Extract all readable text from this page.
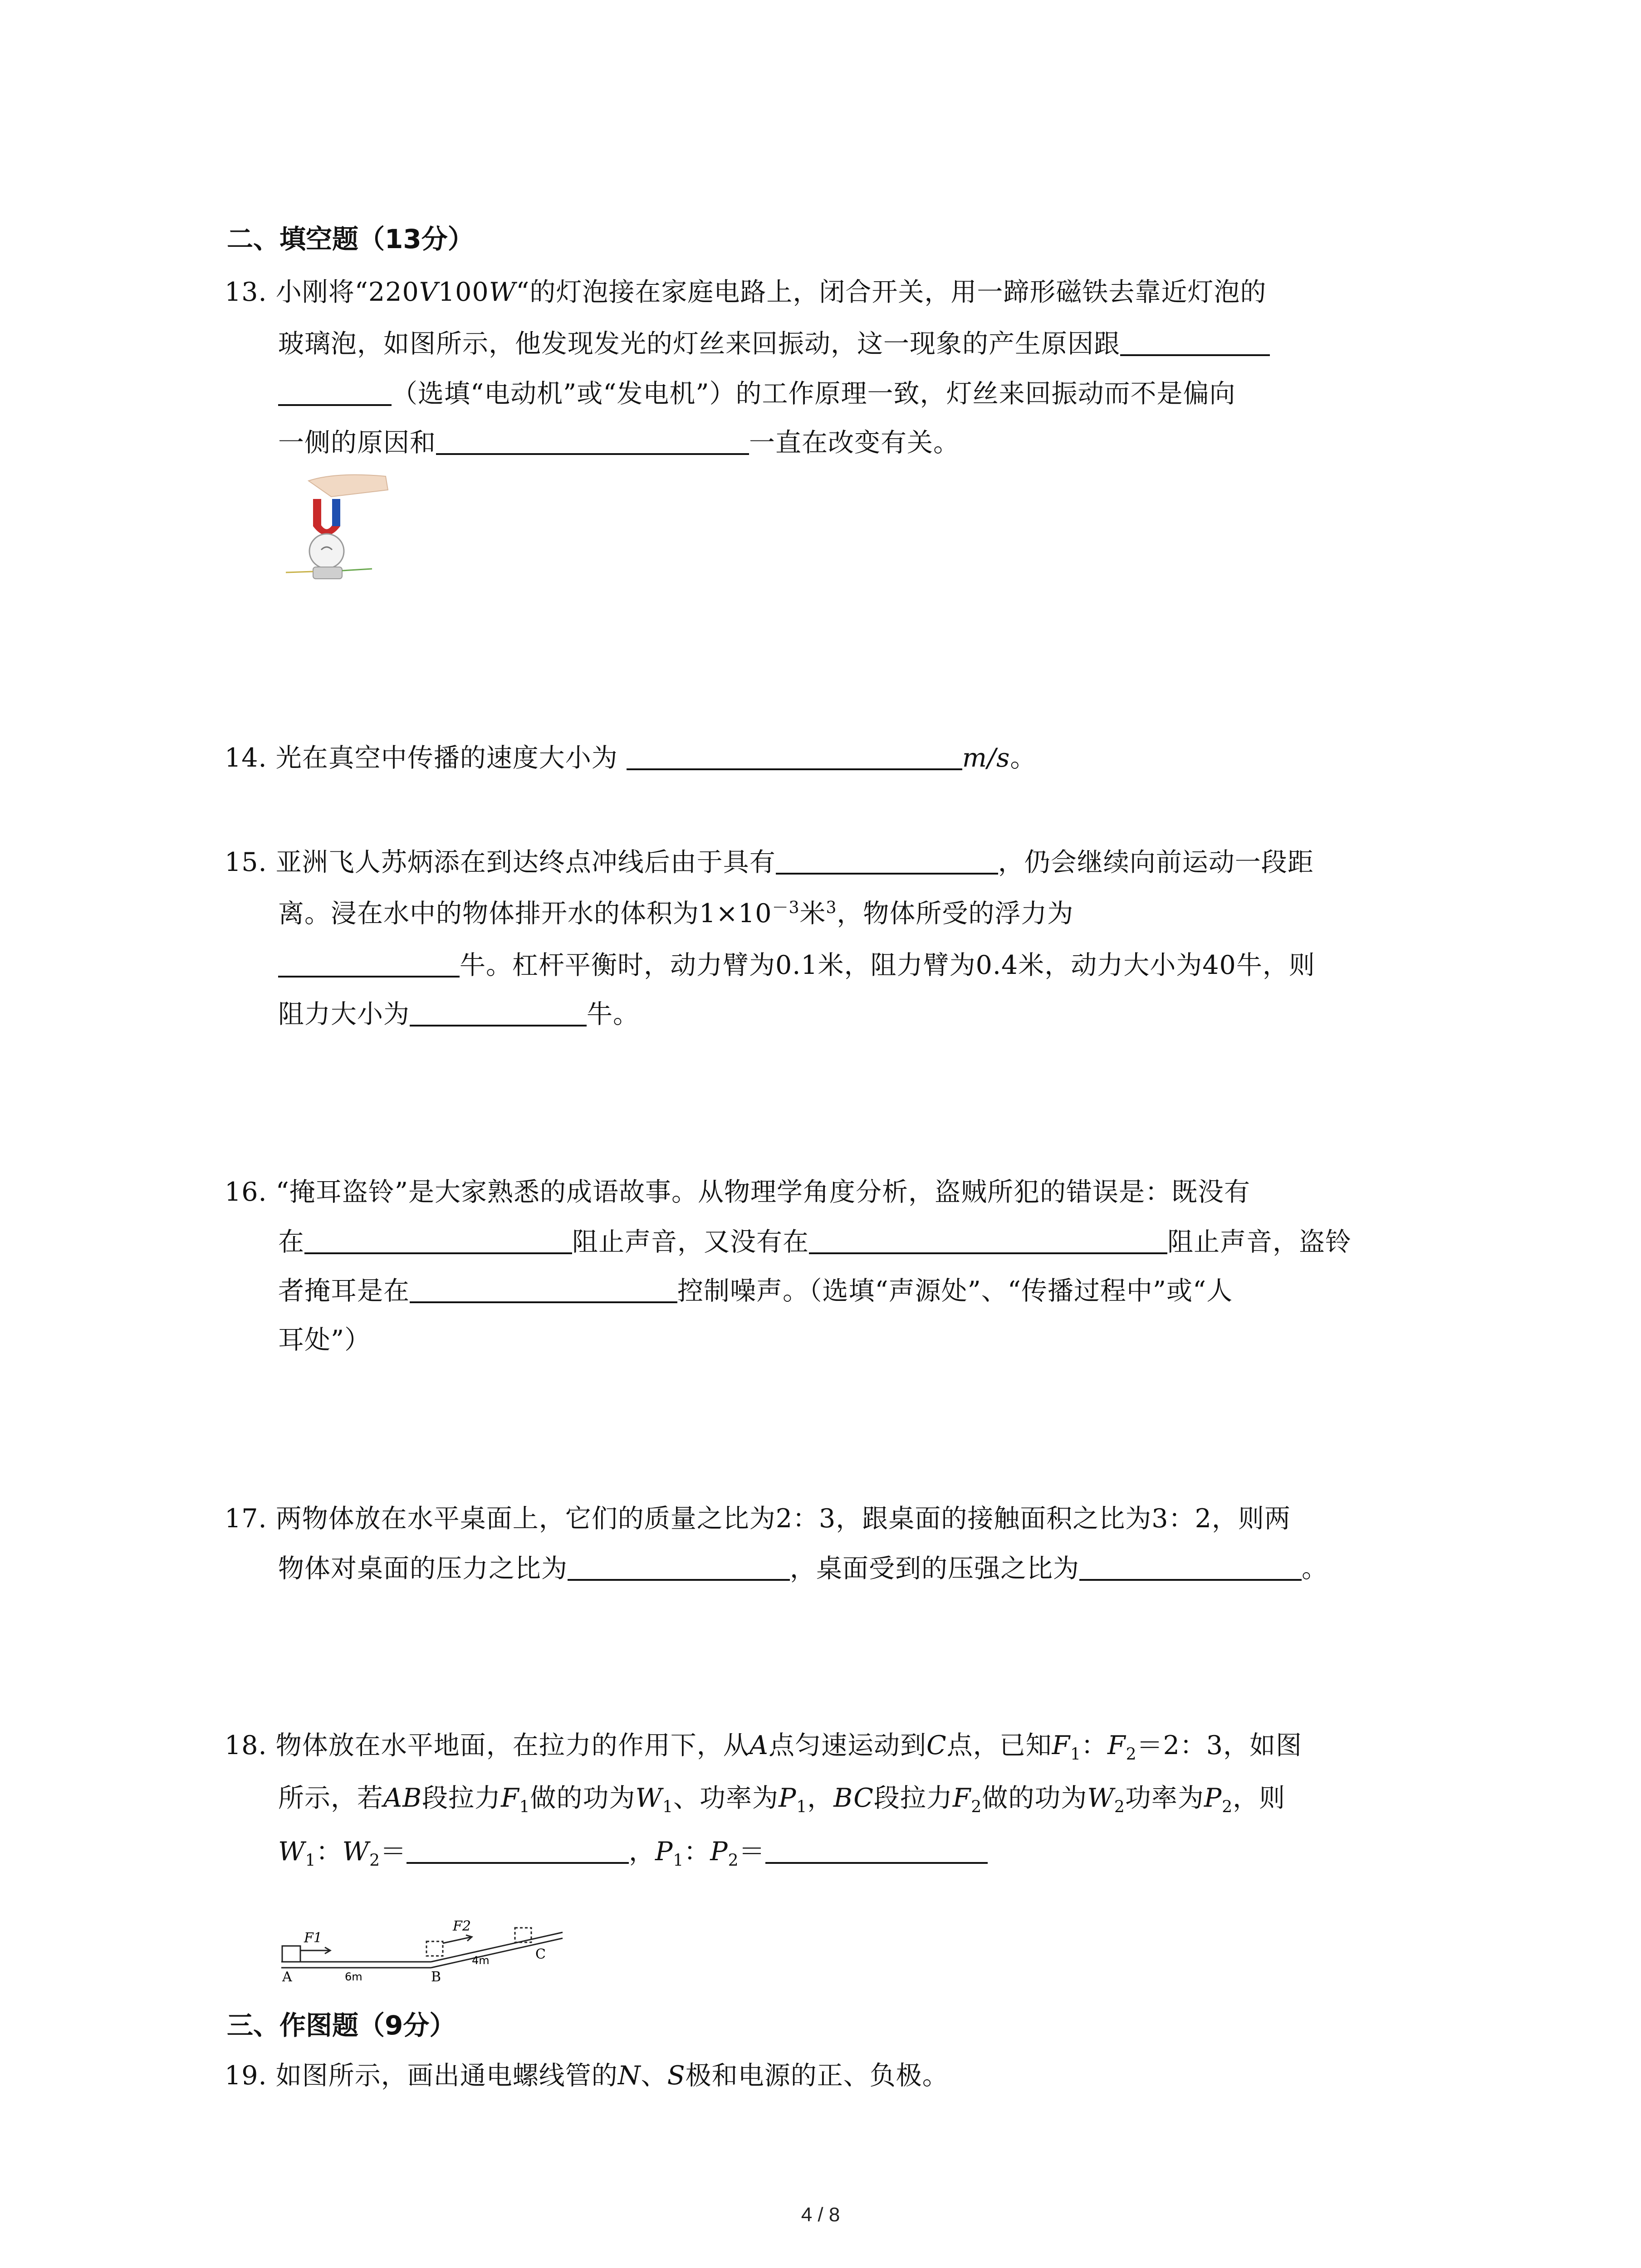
二、填空题（13分）
13. 小刚将“220V100W“的灯泡接在家庭电路上，闭合开关，用一蹄形磁铁去靠近灯泡的
玻璃泡，如图所示，他发现发光的灯丝来回振动，这一现象的产生原因跟
（选填“电动机”或“发电机”）的工作原理一致，灯丝来回振动而不是偏向
一侧的原因和	一直在改变有关。
14. 光在真空中传播的速度大小为	m/s。
15. 亚洲飞人苏炳添在到达终点冲线后由于具有	，仍会继续向前运动一段距
离。浸在水中的物体排开水的体积为$1\times 10^{-3}$米$^3$，物体所受的浮力为
牛。杠杆平衡时，动力臂为0.1米，阻力臂为0.4米，动力大小为40牛，则
阻力大小为	牛。
16. “掩耳盗铃”是大家熟悉的成语故事。从物理学角度分析，盗贼所犯的错误是：既没有
在	阻止声音，又没有在	阻止声音，盗铃
者掩耳是在	控制噪声。（选填“声源处”、“传播过程中”或“人
耳处”）
17. 两物体放在水平桌面上，它们的质量之比为2：3，跟桌面的接触面积之比为3：2，则两
物体对桌面的压力之比为	，桌面受到的压强之比为	。
18. 物体放在水平地面，在拉力的作用下，从A点匀速运动到C点，已知$F_1$：$F_2=2$：3，如图
所示，若AB段拉力$F_1$做的功为$W_1$、功率为$P_1$，BC段拉力$F_2$做的功为$W_2$功率为$P_2$，则
$W_1$：$W_2=$	，$P_1$：$P_2=$
F1
F2
A	B
C
6m
4m
三、作图题（9分）
19. 如图所示，画出通电螺线管的N、S极和电源的正、负极。
4 / 8
